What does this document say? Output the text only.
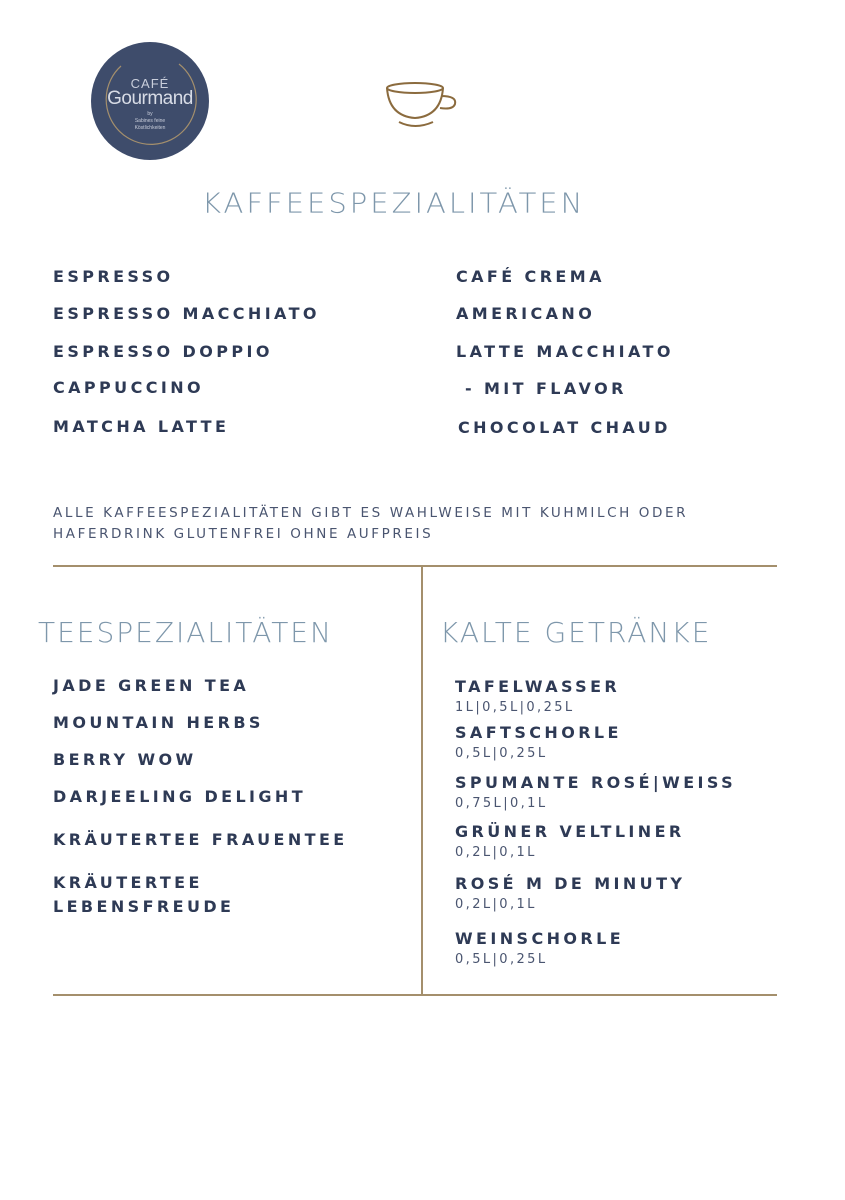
CAFÉ
Gourmand
by
Sabines feine
Köstlichkeiten
KAFFEESPEZIALITÄTEN
ESPRESSO
ESPRESSO MACCHIATO
ESPRESSO DOPPIO
CAPPUCCINO
MATCHA LATTE
CAFÉ CREMA
AMERICANO
LATTE MACCHIATO
- MIT FLAVOR
CHOCOLAT CHAUD
ALLE KAFFEESPEZIALITÄTEN GIBT ES WAHLWEISE MIT KUHMILCH ODER
HAFERDRINK GLUTENFREI OHNE AUFPREIS
TEESPEZIALITÄTEN
JADE GREEN TEA
MOUNTAIN HERBS
BERRY WOW
DARJEELING DELIGHT
KRÄUTERTEE FRAUENTEE
KRÄUTERTEE
LEBENSFREUDE
KALTE GETRÄNKE
TAFELWASSER
1L|0,5L|0,25L
SAFTSCHORLE
0,5L|0,25L
SPUMANTE ROSÉ|WEISS
0,75L|0,1L
GRÜNER VELTLINER
0,2L|0,1L
ROSÉ M DE MINUTY
0,2L|0,1L
WEINSCHORLE
0,5L|0,25L
